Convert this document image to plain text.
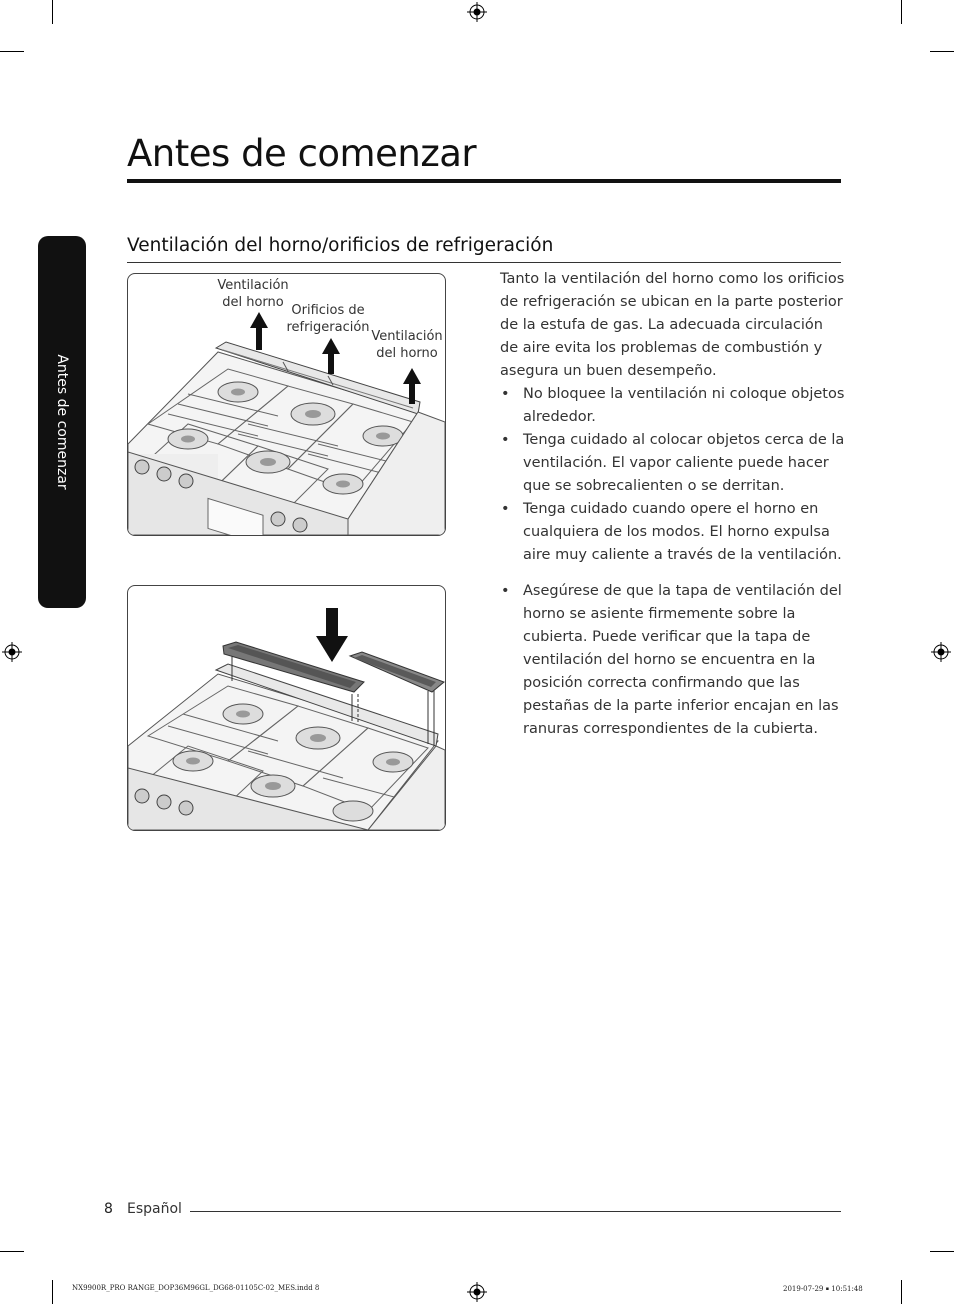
Antes de comenzar
Antes de comenzar
Ventilación del horno/orificios de refrigeración
Ventilación
del horno
Orificios de
refrigeración
Ventilación
del horno
Tanto la ventilación del horno como los orificios de refrigeración se ubican en la parte posterior de la estufa de gas. La adecuada circulación de aire evita los problemas de combustión y asegura un buen desempeño.
• No bloquee la ventilación ni coloque objetos alrededor.
• Tenga cuidado al colocar objetos cerca de la ventilación. El vapor caliente puede hacer que se sobrecalienten o se derritan.
• Tenga cuidado cuando opere el horno en cualquiera de los modos. El horno expulsa aire muy caliente a través de la ventilación.
• Asegúrese de que la tapa de ventilación del horno se asiente firmemente sobre la cubierta. Puede verificar que la tapa de ventilación del horno se encuentra en la posición correcta confirmando que las pestañas de la parte inferior encajan en las ranuras correspondientes de la cubierta.
8 Español
NX9900R_PRO RANGE_DOP36M96GL_DG68-01105C-02_MES.indd 8	2019-07-29 ￭ 10:51:48
